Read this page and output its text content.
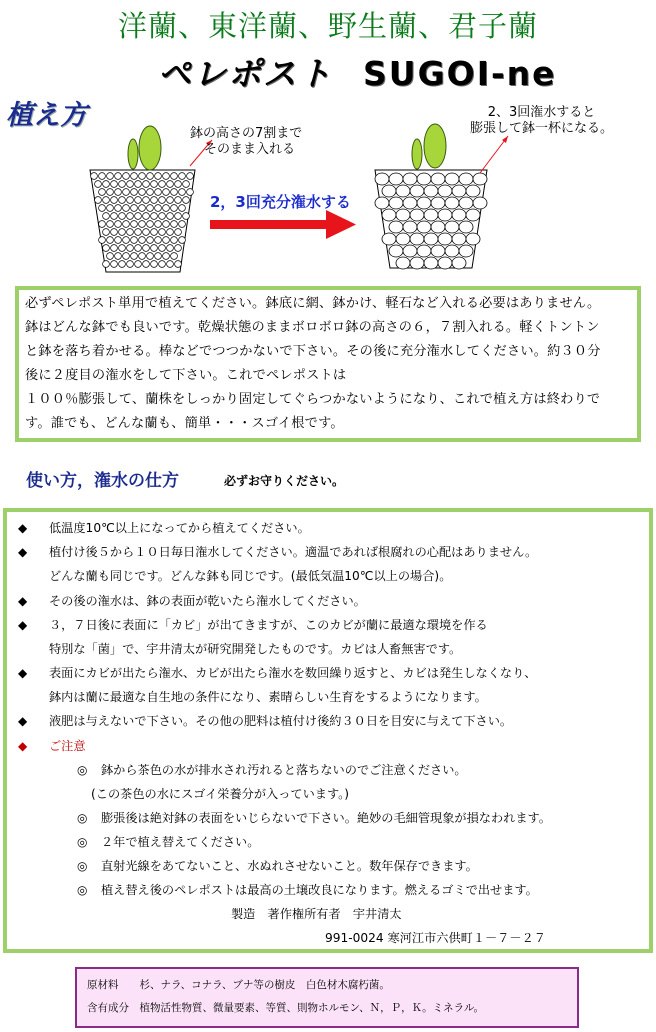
洋蘭、東洋蘭、野生蘭、君子蘭
ペレポスト SUGOI-ne
植え方
鉢の高さの7割まで
そのまま入れる
2、3回潅水すると
膨張して鉢一杯になる。
2，3回充分潅水する

必ずペレポスト単用で植えてください。鉢底に網、鉢かけ、軽石など入れる必要はありません。

鉢はどんな鉢でも良いです。乾燥状態のままボロボロ鉢の高さの６，７割入れる。軽くトントン

と鉢を落ち着かせる。棒などでつつかないで下さい。その後に充分潅水してください。約３０分

後に２度目の潅水をして下さい。これでペレポストは

１００％膨張して、蘭株をしっかり固定してぐらつかないようになり、これで植え方は終わりで

す。誰でも、どんな蘭も、簡単・・・スゴイ根です。

使い方，潅水の仕方	必ずお守りください。
◆ 低温度10℃以上になってから植えてください。
◆ 植付け後５から１０日毎日潅水してください。適温であれば根腐れの心配はありません。
どんな蘭も同じです。どんな鉢も同じです。(最低気温10℃以上の場合)。
◆ その後の潅水は、鉢の表面が乾いたら潅水してください。
◆ ３，７日後に表面に「カビ」が出てきますが、このカビが蘭に最適な環境を作る
特別な「菌」で、宇井清太が研究開発したものです。カビは人畜無害です。
◆ 表面にカビが出たら潅水、カビが出たら潅水を数回繰り返すと、カビは発生しなくなり、
鉢内は蘭に最適な自生地の条件になり、素晴らしい生育をするようになります。
◆ 液肥は与えないで下さい。その他の肥料は植付け後約３０日を目安に与えて下さい。
◆ ご注意
◎ 鉢から茶色の水が排水され汚れると落ちないのでご注意ください。
(この茶色の水にスゴイ栄養分が入っています。)
◎ 膨張後は絶対鉢の表面をいじらないで下さい。絶妙の毛細管現象が損なわれます。
◎ ２年で植え替えてください。
◎ 直射光線をあてないこと、水ぬれさせないこと。数年保存できます。
◎ 植え替え後のペレポストは最高の土壌改良になります。燃えるゴミで出せます。
製造　著作権所有者　宇井清太
991-0024 寒河江市六供町１－７－２７
原材料　　杉、ナラ、コナラ、ブナ等の樹皮　白色材木腐朽菌。
含有成分　植物活性物質、微量要素、等質、則物ホルモン、Ｎ，Ｐ，Ｋ。ミネラル。
